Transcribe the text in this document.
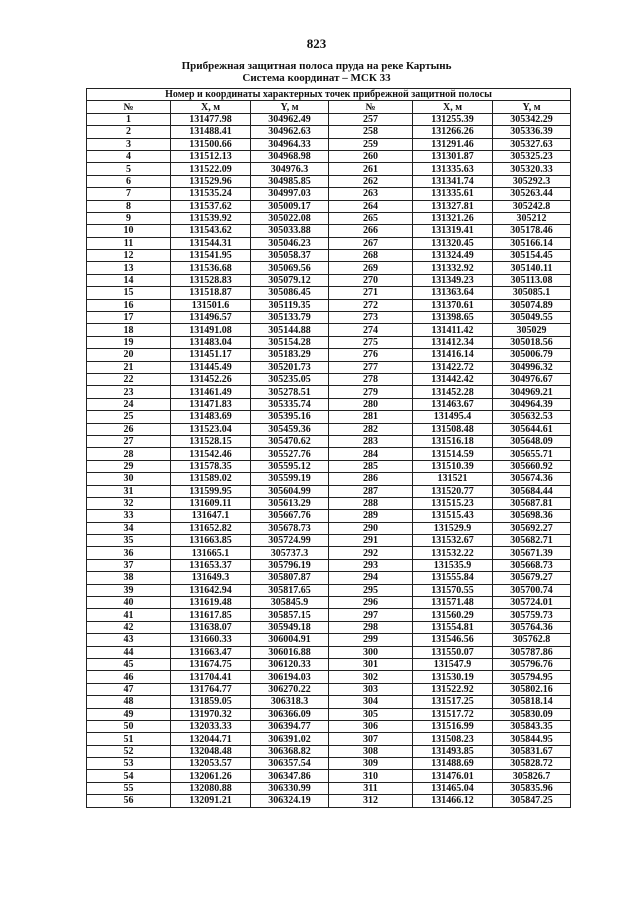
823
Прибрежная защитная полоса пруда на реке Картынь
Система координат – МСК 33
Номер и координаты характерных точек прибрежной защитной полосы					
№	X, м	Y, м	№	X, м	Y, м
1	131477.98	304962.49	257	131255.39	305342.29
2	131488.41	304962.63	258	131266.26	305336.39
3	131500.66	304964.33	259	131291.46	305327.63
4	131512.13	304968.98	260	131301.87	305325.23
5	131522.09	304976.3	261	131335.63	305320.33
6	131529.96	304985.85	262	131341.74	305292.3
7	131535.24	304997.03	263	131335.61	305263.44
8	131537.62	305009.17	264	131327.81	305242.8
9	131539.92	305022.08	265	131321.26	305212
10	131543.62	305033.88	266	131319.41	305178.46
11	131544.31	305046.23	267	131320.45	305166.14
12	131541.95	305058.37	268	131324.49	305154.45
13	131536.68	305069.56	269	131332.92	305140.11
14	131528.83	305079.12	270	131349.23	305113.08
15	131518.87	305086.45	271	131363.64	305085.1
16	131501.6	305119.35	272	131370.61	305074.89
17	131496.57	305133.79	273	131398.65	305049.55
18	131491.08	305144.88	274	131411.42	305029
19	131483.04	305154.28	275	131412.34	305018.56
20	131451.17	305183.29	276	131416.14	305006.79
21	131445.49	305201.73	277	131422.72	304996.32
22	131452.26	305235.05	278	131442.42	304976.67
23	131461.49	305278.51	279	131452.28	304969.21
24	131471.83	305335.74	280	131463.67	304964.39
25	131483.69	305395.16	281	131495.4	305632.53
26	131523.04	305459.36	282	131508.48	305644.61
27	131528.15	305470.62	283	131516.18	305648.09
28	131542.46	305527.76	284	131514.59	305655.71
29	131578.35	305595.12	285	131510.39	305660.92
30	131589.02	305599.19	286	131521	305674.36
31	131599.95	305604.99	287	131520.77	305684.44
32	131609.11	305613.29	288	131515.23	305687.81
33	131647.1	305667.76	289	131515.43	305698.36
34	131652.82	305678.73	290	131529.9	305692.27
35	131663.85	305724.99	291	131532.67	305682.71
36	131665.1	305737.3	292	131532.22	305671.39
37	131653.37	305796.19	293	131535.9	305668.73
38	131649.3	305807.87	294	131555.84	305679.27
39	131642.94	305817.65	295	131570.55	305700.74
40	131619.48	305845.9	296	131571.48	305724.01
41	131617.85	305857.15	297	131560.29	305759.73
42	131638.07	305949.18	298	131554.81	305764.36
43	131660.33	306004.91	299	131546.56	305762.8
44	131663.47	306016.88	300	131550.07	305787.86
45	131674.75	306120.33	301	131547.9	305796.76
46	131704.41	306194.03	302	131530.19	305794.95
47	131764.77	306270.22	303	131522.92	305802.16
48	131859.05	306318.3	304	131517.25	305818.14
49	131970.32	306366.09	305	131517.72	305830.09
50	132033.33	306394.77	306	131516.99	305843.35
51	132044.71	306391.02	307	131508.23	305844.95
52	132048.48	306368.82	308	131493.85	305831.67
53	132053.57	306357.54	309	131488.69	305828.72
54	132061.26	306347.86	310	131476.01	305826.7
55	132080.88	306330.99	311	131465.04	305835.96
56	132091.21	306324.19	312	131466.12	305847.25
